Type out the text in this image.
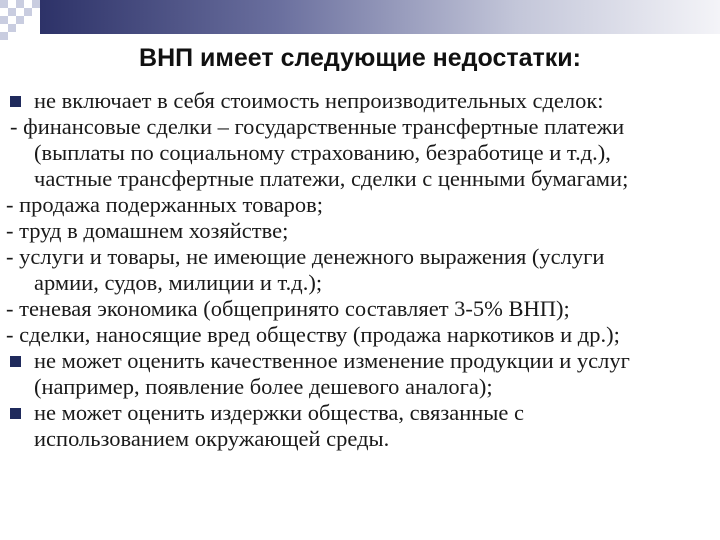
ВНП имеет следующие недостатки:
не включает в себя стоимость непроизводительных сделок:
- финансовые сделки – государственные трансфертные платежи
(выплаты по социальному страхованию, безработице и т.д.),
частные трансфертные платежи, сделки с ценными бумагами;
- продажа подержанных товаров;
- труд в домашнем хозяйстве;
- услуги и товары, не имеющие денежного выражения (услуги
армии, судов, милиции и т.д.);
- теневая экономика (общепринято составляет 3-5% ВНП);
- сделки, наносящие вред обществу (продажа наркотиков и др.);
не может оценить качественное изменение продукции и услуг
(например, появление более дешевого аналога);
не может оценить издержки общества, связанные с
использованием окружающей среды.
